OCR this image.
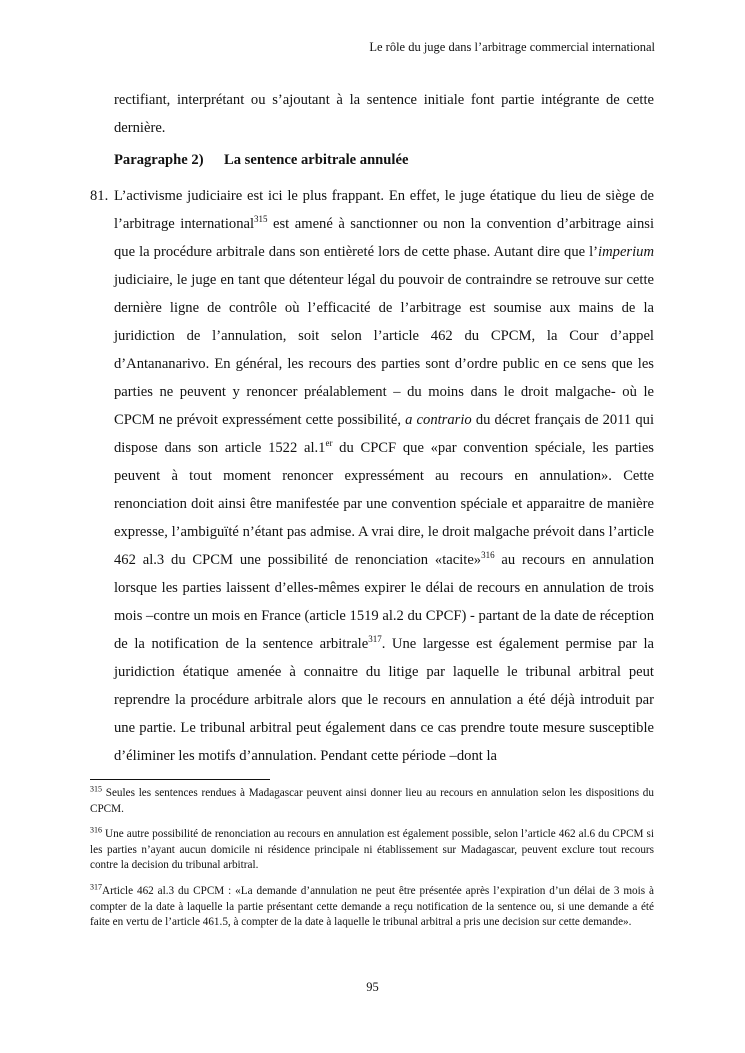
Le rôle du juge dans l’arbitrage commercial international

rectifiant, interprétant ou s’ajoutant à la sentence initiale font partie intégrante de cette dernière.

Paragraphe 2) La sentence arbitrale annulée

81. L’activisme judiciaire est ici le plus frappant. En effet, le juge étatique du lieu de siège de l’arbitrage international$^{315}$ est amené à sanctionner ou non la convention d’arbitrage ainsi que la procédure arbitrale dans son entièreté lors de cette phase. Autant dire que l’imperium judiciaire, le juge en tant que détenteur légal du pouvoir de contraindre se retrouve sur cette dernière ligne de contrôle où l’efficacité de l’arbitrage est soumise aux mains de la juridiction de l’annulation, soit selon l’article 462 du CPCM, la Cour d’appel d’Antananarivo. En général, les recours des parties sont d’ordre public en ce sens que les parties ne peuvent y renoncer préalablement – du moins dans le droit malgache- où le CPCM ne prévoit expressément cette possibilité, a contrario du décret français de 2011 qui dispose dans son article 1522 al.1er du CPCF que «par convention spéciale, les parties peuvent à tout moment renoncer expressément au recours en annulation». Cette renonciation doit ainsi être manifestée par une convention spéciale et apparaitre de manière expresse, l’ambiguïté n’étant pas admise. A vrai dire, le droit malgache prévoit dans l’article 462 al.3 du CPCM une possibilité de renonciation «tacite»$^{316}$ au recours en annulation lorsque les parties laissent d’elles-mêmes expirer le délai de recours en annulation de trois mois –contre un mois en France (article 1519 al.2 du CPCF) - partant de la date de réception de la notification de la sentence arbitrale$^{317}$. Une largesse est également permise par la juridiction étatique amenée à connaitre du litige par laquelle le tribunal arbitral peut reprendre la procédure arbitrale alors que le recours en annulation a été déjà introduit par une partie. Le tribunal arbitral peut également dans ce cas prendre toute mesure susceptible d’éliminer les motifs d’annulation. Pendant cette période –dont la

$^{315}$ Seules les sentences rendues à Madagascar peuvent ainsi donner lieu au recours en annulation selon les dispositions du CPCM.

$^{316}$ Une autre possibilité de renonciation au recours en annulation est également possible, selon l’article 462 al.6 du CPCM si les parties n’ayant aucun domicile ni résidence principale ni établissement sur Madagascar, peuvent exclure tout recours contre la decision du tribunal arbitral.

$^{317}$Article 462 al.3 du CPCM : «La demande d’annulation ne peut être présentée après l’expiration d’un délai de 3 mois à compter de la date à laquelle la partie présentant cette demande a reçu notification de la sentence ou, si une demande a été faite en vertu de l’article 461.5, à compter de la date à laquelle le tribunal arbitral a pris une decision sur cette demande».

95
